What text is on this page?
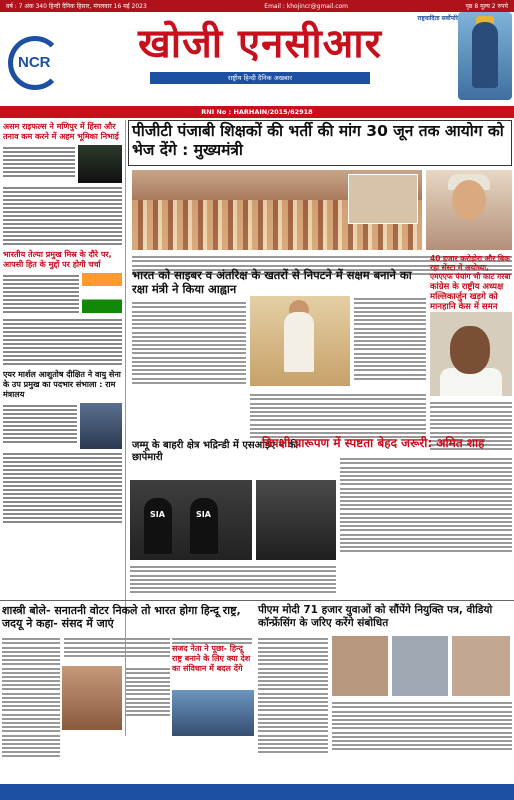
वर्ष : 7 अंक 340 हिन्दी दैनिक हिसार, मंगलवार 16 मई 2023	Email : khojincr@gmail.com	पृष्ठ 8 मूल्य 2 रुपये
NCR
राष्ट्रवादिता सर्वोपरि
खोजी एनसीआर
राष्ट्रीय हिन्दी दैनिक अखबार
RNI No : HARHAIN/2015/62918
असम राइफल्स ने मणिपुर में हिंसा और तनाव कम करने में अहम भूमिका निभाई
भारतीय तेल्या प्रमुख मिस्र के दौरे पर, आपसी हित के मुद्दों पर होगी चर्चा
एयर मार्शल आशुतोष दीक्षित ने वायु सेना के उप प्रमुख का पदभार संभाला : राम मंत्रालय
पीजीटी पंजाबी शिक्षकों की भर्ती की मांग 30 जून तक आयोग को भेज देंगे : मुख्यमंत्री
भारत को साइबर व अंतरिक्ष के खतरों से निपटने में सक्षम बनाने का रक्षा मंत्री ने किया आह्वान
40 हजार करोड़ोरा और बिक रहा सेंस्टा में अयोध्या, एमएएफ पंचांग भी काट गरबा
कांग्रेस के राष्ट्रीय अध्यक्ष मल्लिकार्जुन खड़गे को मानहानि केस में समन
जम्मू के बाहरी क्षेत्र भद्रिन्डी में एसआईए ने की छापेमारी
SIA	SIA
विपक्षी प्रारूपण में स्पष्टता बेहद जरूरी: अमित शाह
शास्त्री बोले- सनातनी वोटर निकले तो भारत होगा हिन्दू राष्ट्र, जदयू ने कहा- संसद में जाएं
पीएम मोदी 71 हजार युवाओं को सौंपेंगे नियुक्ति पत्र, वीडियो कॉन्फ्रेंसिंग के जरिए करेंगे संबोधित
सजद नेता ने पूछा- हिन्दू राष्ट्र बनाने के लिए क्या देश का संविधान में बदल देंगे
